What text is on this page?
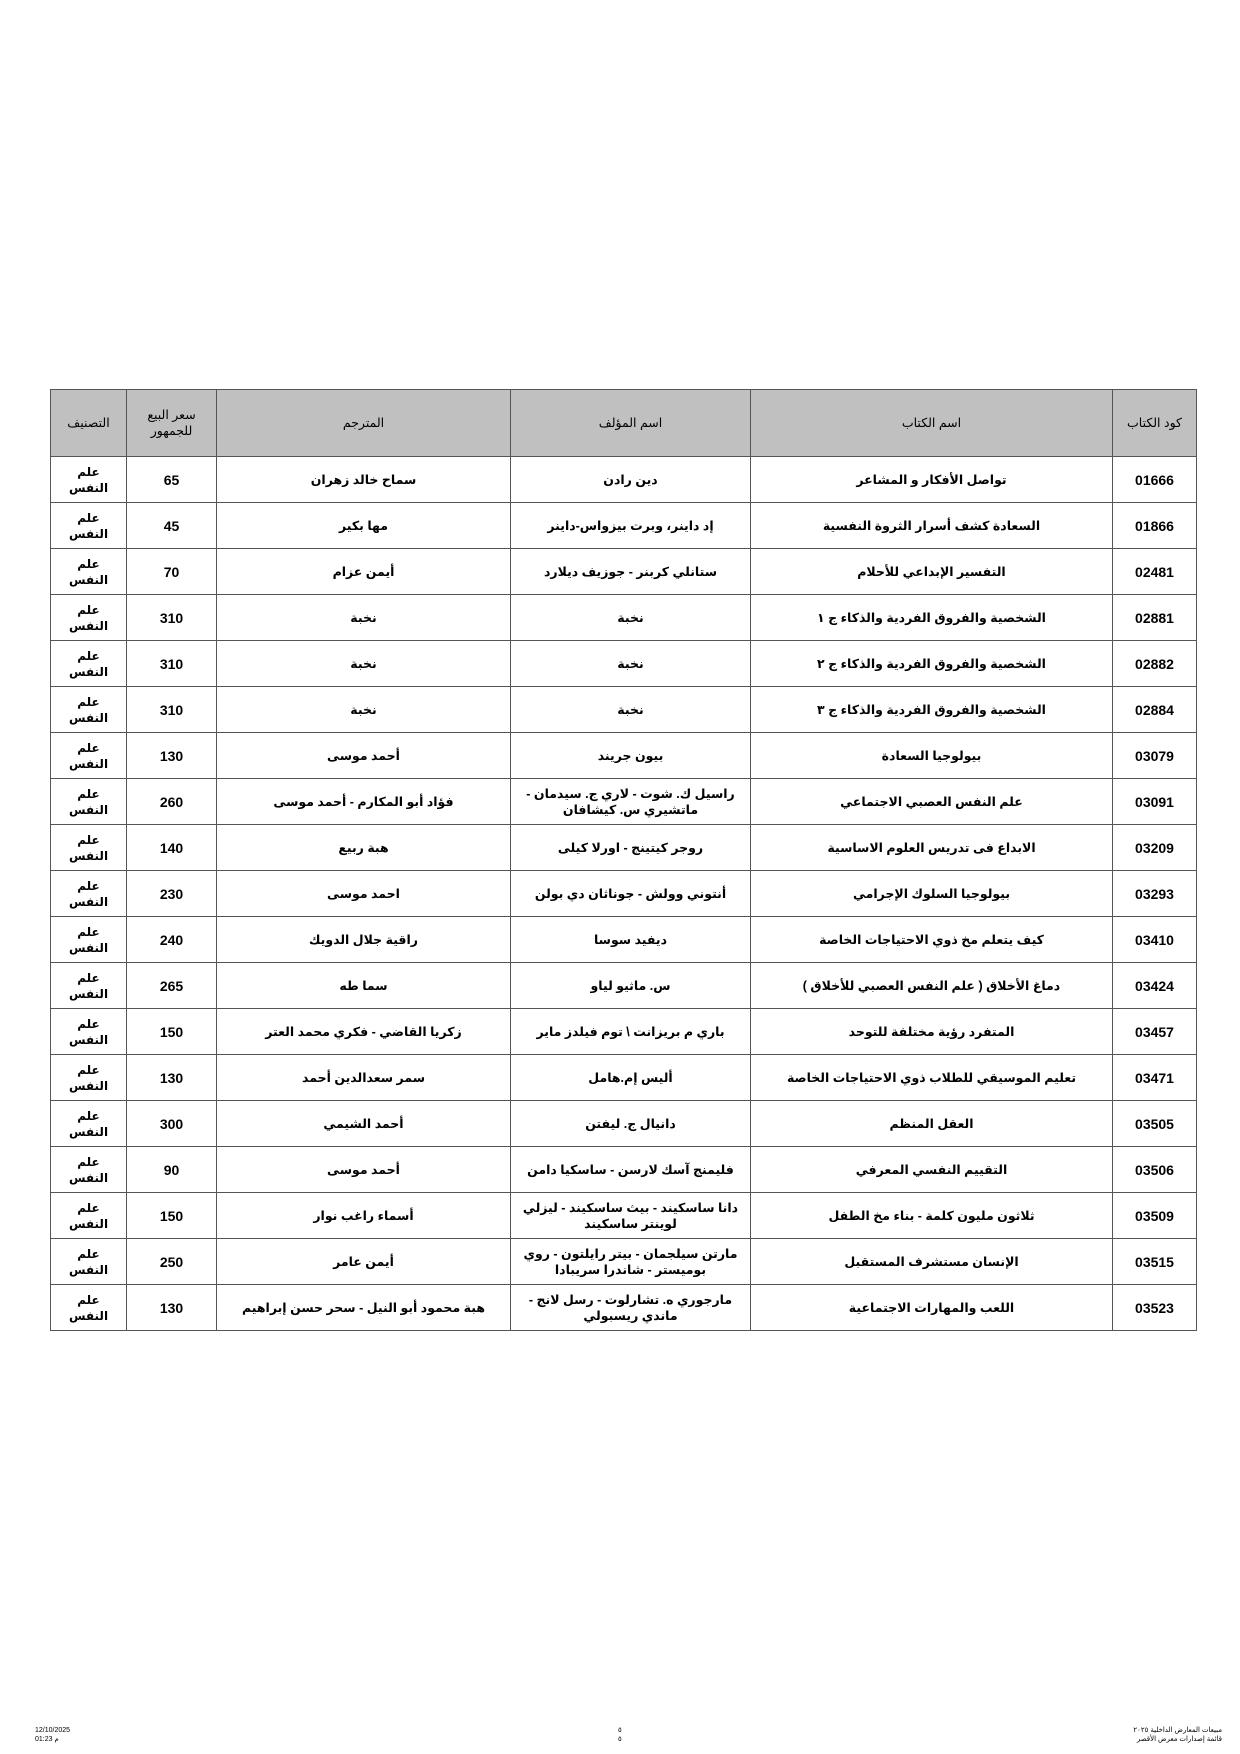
كود الكتاب	اسم الكتاب	اسم المؤلف	المترجم	سعر البيع للجمهور	التصنيف
01666	تواصل الأفكار و المشاعر	دين رادن	سماح خالد زهران	65	علم النفس
01866	السعادة كشف أسرار الثروة النفسية	إد داينر، وبرت بيزواس-داينر	مها بكير	45	علم النفس
02481	التفسير الإبداعي للأحلام	ستانلي كربنر - جوزيف ديلارد	أيمن عزام	70	علم النفس
02881	الشخصية والفروق الفردية والذكاء ج ١	نخبة	نخبة	310	علم النفس
02882	الشخصية والفروق الفردية والذكاء ج ٢	نخبة	نخبة	310	علم النفس
02884	الشخصية والفروق الفردية والذكاء ج ٣	نخبة	نخبة	310	علم النفس
03079	بيولوجيا السعادة	بيون جريند	أحمد موسى	130	علم النفس
03091	علم النفس العصبي الاجتماعي	راسيل ك. شوت - لاري ج. سيدمان - ماتشيري س. كيشافان	فؤاد أبو المكارم - أحمد موسى	260	علم النفس
03209	الابداع فى تدريس العلوم الاساسية	روجر كيتينج - اورلا كيلى	هبة ربيع	140	علم النفس
03293	بيولوجيا السلوك الإجرامي	أنتوني وولش - جوناثان دي بولن	احمد موسى	230	علم النفس
03410	كيف يتعلم مخ ذوي الاحتياجات الخاصة	ديفيد سوسا	راقية جلال الدويك	240	علم النفس
03424	دماغ الأخلاق ( علم النفس العصبي للأخلاق )	س. ماثيو لياو	سما طه	265	علم النفس
03457	المتفرد رؤية مختلفة للتوحد	باري م بريزانت \ توم فيلدز ماير	زكريا القاضي - فكري محمد العتر	150	علم النفس
03471	تعليم الموسيقي للطلاب ذوي الاحتياجات الخاصة	أليس إم.هامل	سمر سعدالدين أحمد	130	علم النفس
03505	العقل المنظم	دانيال ج. ليفتن	أحمد الشيمي	300	علم النفس
03506	التقييم النفسي المعرفي	فليمنج آسك لارسن - ساسكيا دامن	أحمد موسى	90	علم النفس
03509	ثلاثون مليون كلمة - بناء مخ الطفل	دانا ساسكيند - بيث ساسكيند - ليزلي لوينتر ساسكيند	أسماء راغب نوار	150	علم النفس
03515	الإنسان مستشرف المستقبل	مارتن سيلجمان - بيتر رايلتون - روي بوميستر - شاندرا سريبادا	أيمن عامر	250	علم النفس
03523	اللعب والمهارات الاجتماعية	مارجوري ه. تشارلوت - رسل لانج - ماندي ريسبولي	هبة محمود أبو النيل - سحر حسن إبراهيم	130	علم النفس
12/10/2025
01:23 م
٥
٥
مبيعات المعارض الداخلية ٢٠٢٥
قائمة إصدارات معرض الأقصر
